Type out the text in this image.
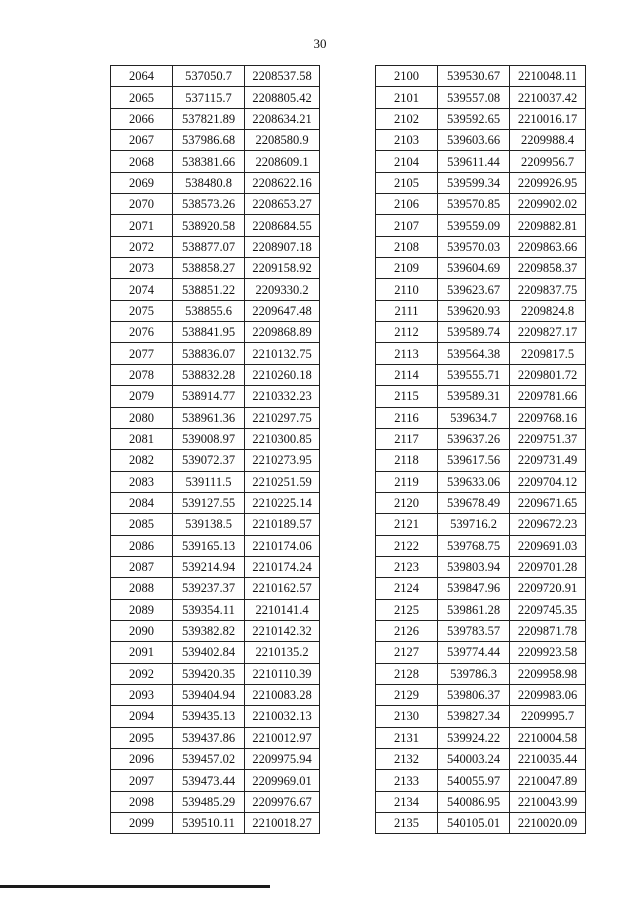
30
2064	537050.7	2208537.58
2065	537115.7	2208805.42
2066	537821.89	2208634.21
2067	537986.68	2208580.9
2068	538381.66	2208609.1
2069	538480.8	2208622.16
2070	538573.26	2208653.27
2071	538920.58	2208684.55
2072	538877.07	2208907.18
2073	538858.27	2209158.92
2074	538851.22	2209330.2
2075	538855.6	2209647.48
2076	538841.95	2209868.89
2077	538836.07	2210132.75
2078	538832.28	2210260.18
2079	538914.77	2210332.23
2080	538961.36	2210297.75
2081	539008.97	2210300.85
2082	539072.37	2210273.95
2083	539111.5	2210251.59
2084	539127.55	2210225.14
2085	539138.5	2210189.57
2086	539165.13	2210174.06
2087	539214.94	2210174.24
2088	539237.37	2210162.57
2089	539354.11	2210141.4
2090	539382.82	2210142.32
2091	539402.84	2210135.2
2092	539420.35	2210110.39
2093	539404.94	2210083.28
2094	539435.13	2210032.13
2095	539437.86	2210012.97
2096	539457.02	2209975.94
2097	539473.44	2209969.01
2098	539485.29	2209976.67
2099	539510.11	2210018.27
2100	539530.67	2210048.11
2101	539557.08	2210037.42
2102	539592.65	2210016.17
2103	539603.66	2209988.4
2104	539611.44	2209956.7
2105	539599.34	2209926.95
2106	539570.85	2209902.02
2107	539559.09	2209882.81
2108	539570.03	2209863.66
2109	539604.69	2209858.37
2110	539623.67	2209837.75
2111	539620.93	2209824.8
2112	539589.74	2209827.17
2113	539564.38	2209817.5
2114	539555.71	2209801.72
2115	539589.31	2209781.66
2116	539634.7	2209768.16
2117	539637.26	2209751.37
2118	539617.56	2209731.49
2119	539633.06	2209704.12
2120	539678.49	2209671.65
2121	539716.2	2209672.23
2122	539768.75	2209691.03
2123	539803.94	2209701.28
2124	539847.96	2209720.91
2125	539861.28	2209745.35
2126	539783.57	2209871.78
2127	539774.44	2209923.58
2128	539786.3	2209958.98
2129	539806.37	2209983.06
2130	539827.34	2209995.7
2131	539924.22	2210004.58
2132	540003.24	2210035.44
2133	540055.97	2210047.89
2134	540086.95	2210043.99
2135	540105.01	2210020.09
